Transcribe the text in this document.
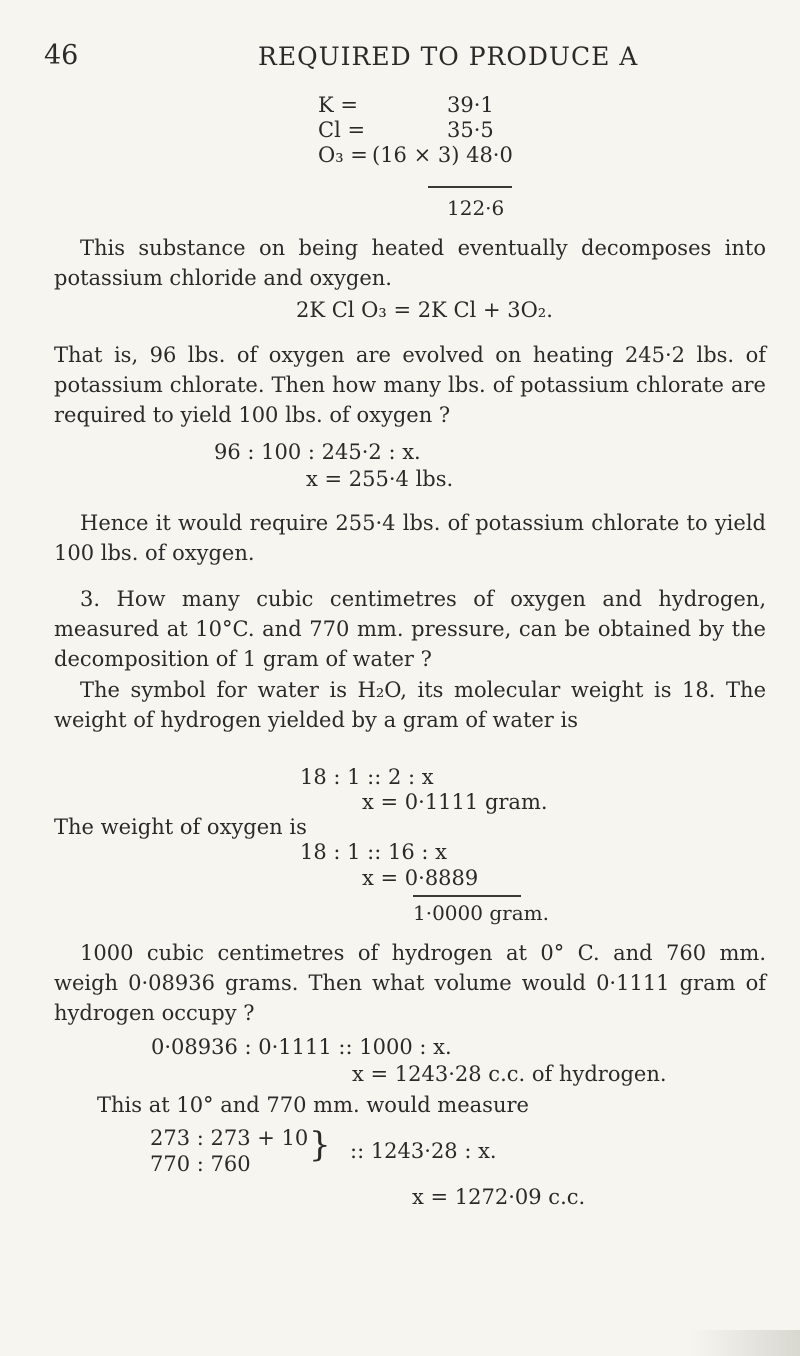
46	REQUIRED TO PRODUCE A
K =	39·1
Cl =	35·5
O₃ = (16 × 3) 48·0
122·6
This substance on being heated eventually decomposes into potassium chloride and oxygen.
2K Cl O₃ = 2K Cl + 3O₂.
That is, 96 lbs. of oxygen are evolved on heating 245·2 lbs. of potassium chlorate. Then how many lbs. of potassium chlorate are required to yield 100 lbs. of oxygen ?
96 : 100 : 245·2 : x.
x = 255·4 lbs.
Hence it would require 255·4 lbs. of potassium chlorate to yield 100 lbs. of oxygen.
3. How many cubic centimetres of oxygen and hydrogen, measured at 10°C. and 770 mm. pressure, can be obtained by the decomposition of 1 gram of water ?
The symbol for water is H₂O, its molecular weight is 18. The weight of hydrogen yielded by a gram of water is
18 : 1 :: 2 : x
x = 0·1111 gram.
The weight of oxygen is
18 : 1 :: 16 : x
x = 0·8889
1·0000 gram.
1000 cubic centimetres of hydrogen at 0° C. and 760 mm. weigh 0·08936 grams. Then what volume would 0·1111 gram of hydrogen occupy ?
0·08936 : 0·1111 :: 1000 : x.
x = 1243·28 c.c. of hydrogen.
This at 10° and 770 mm. would measure
273 : 273 + 10
770 : 760 } :: 1243·28 : x.
x = 1272·09 c.c.
